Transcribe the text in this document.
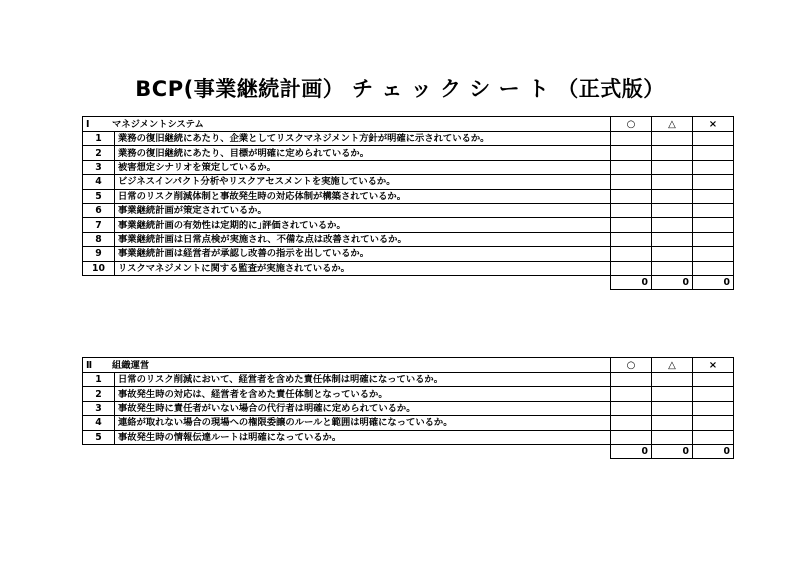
BCP(事業継続計画） チ ェ ッ ク シ ー ト （正式版）
Ⅰ マネジメントシステム		○	△	×
1	業務の復旧継続にあたり、企業としてリスクマネジメント方針が明確に示されているか。			
2	業務の復旧継続にあたり、目標が明確に定められているか。			
3	被害想定シナリオを策定しているか。			
4	ビジネスインパクト分析やリスクアセスメントを実施しているか。			
5	日常のリスク削減体制と事故発生時の対応体制が構築されているか。			
6	事業継続計画が策定されているか。			
7	事業継続計画の有効性は定期的に｣評価されているか。			
8	事業継続計画は日常点検が実施され、不備な点は改善されているか。			
9	事業継続計画は経営者が承認し改善の指示を出しているか。			
10	リスクマネジメントに関する監査が実施されているか。			
		0	0	0
Ⅱ 組織運営		○	△	×
1	日常のリスク削減において、経営者を含めた責任体制は明確になっているか。			
2	事故発生時の対応は、経営者を含めた責任体制となっているか。			
3	事故発生時に責任者がいない場合の代行者は明確に定められているか。			
4	連絡が取れない場合の現場への権限委譲のルールと範囲は明確になっているか。			
5	事故発生時の情報伝達ルートは明確になっているか。			
		0	0	0
